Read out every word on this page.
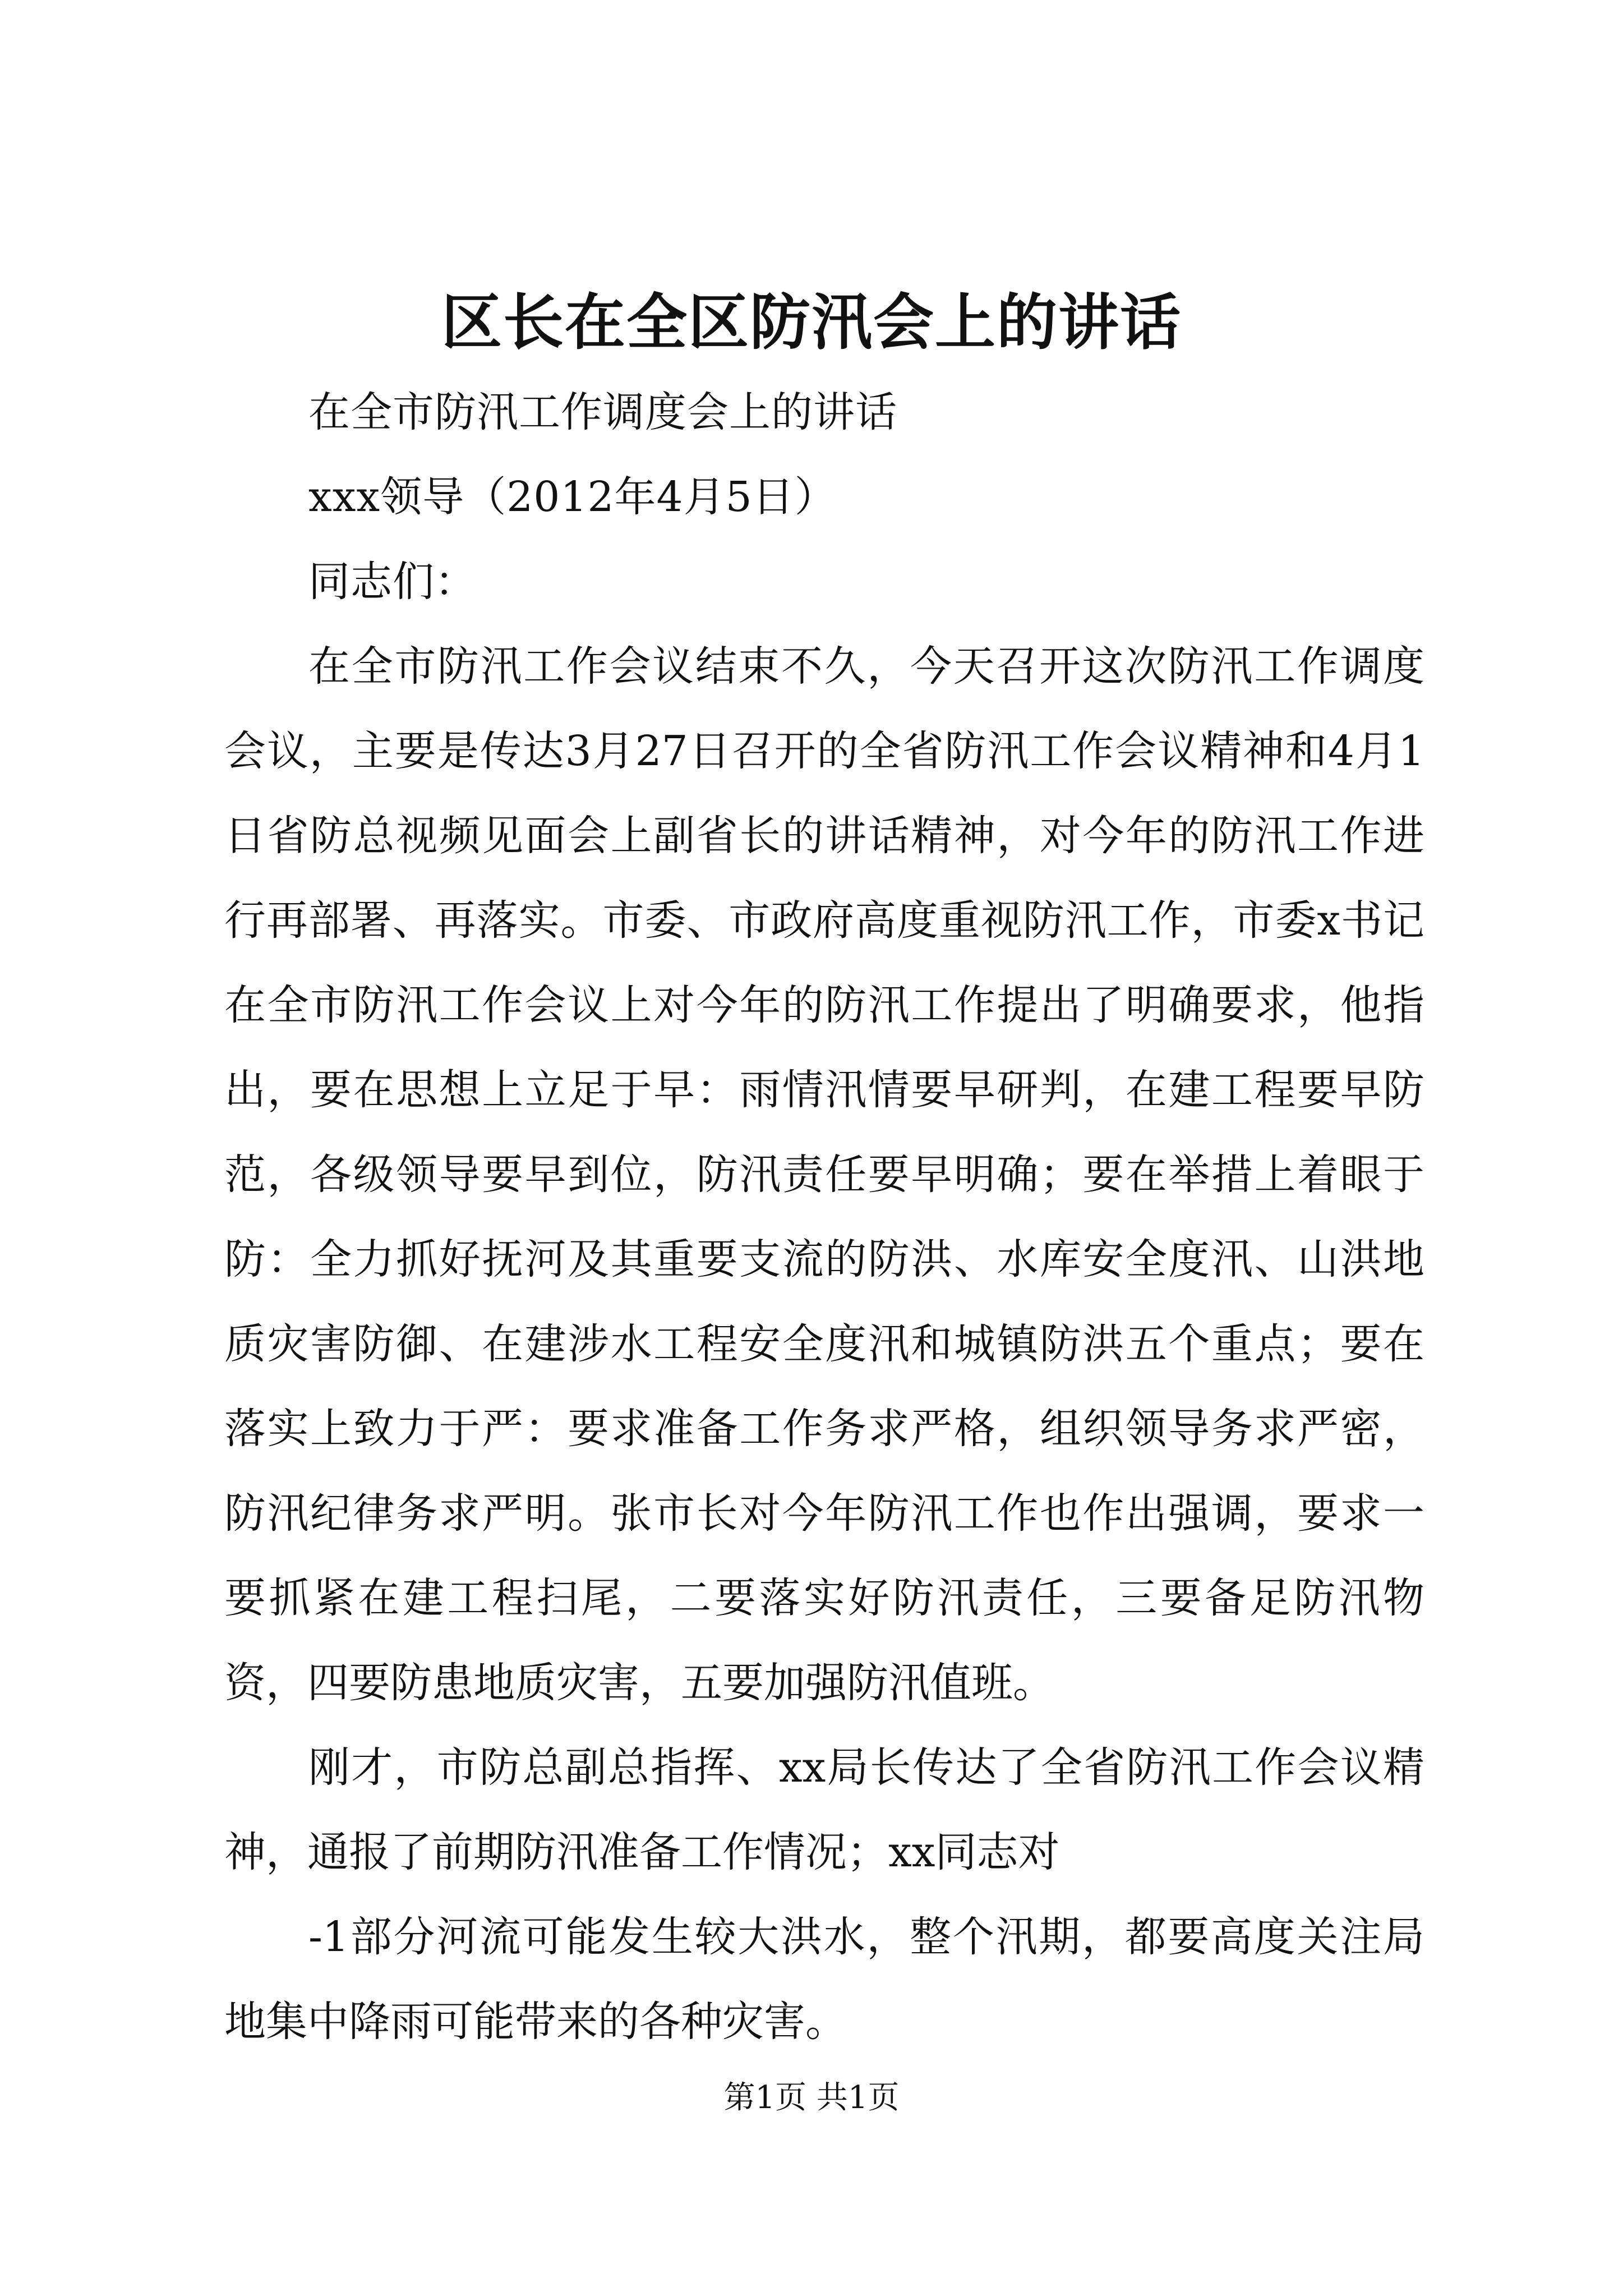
区长在全区防汛会上的讲话

在全市防汛工作调度会上的讲话

xxx领导（2012年4月5日）

同志们：

在全市防汛工作会议结束不久，今天召开这次防汛工作调度会议，主要是传达3月27日召开的全省防汛工作会议精神和4月1日省防总视频见面会上副省长的讲话精神，对今年的防汛工作进行再部署、再落实。市委、市政府高度重视防汛工作，市委x书记在全市防汛工作会议上对今年的防汛工作提出了明确要求，他指出，要在思想上立足于早：雨情汛情要早研判，在建工程要早防范，各级领导要早到位，防汛责任要早明确；要在举措上着眼于防：全力抓好抚河及其重要支流的防洪、水库安全度汛、山洪地质灾害防御、在建涉水工程安全度汛和城镇防洪五个重点；要在落实上致力于严：要求准备工作务求严格，组织领导务求严密，防汛纪律务求严明。张市长对今年防汛工作也作出强调，要求一要抓紧在建工程扫尾，二要落实好防汛责任，三要备足防汛物资，四要防患地质灾害，五要加强防汛值班。

刚才，市防总副总指挥、xx局长传达了全省防汛工作会议精神，通报了前期防汛准备工作情况；xx同志对

-1部分河流可能发生较大洪水，整个汛期，都要高度关注局地集中降雨可能带来的各种灾害。

第1页 共1页
